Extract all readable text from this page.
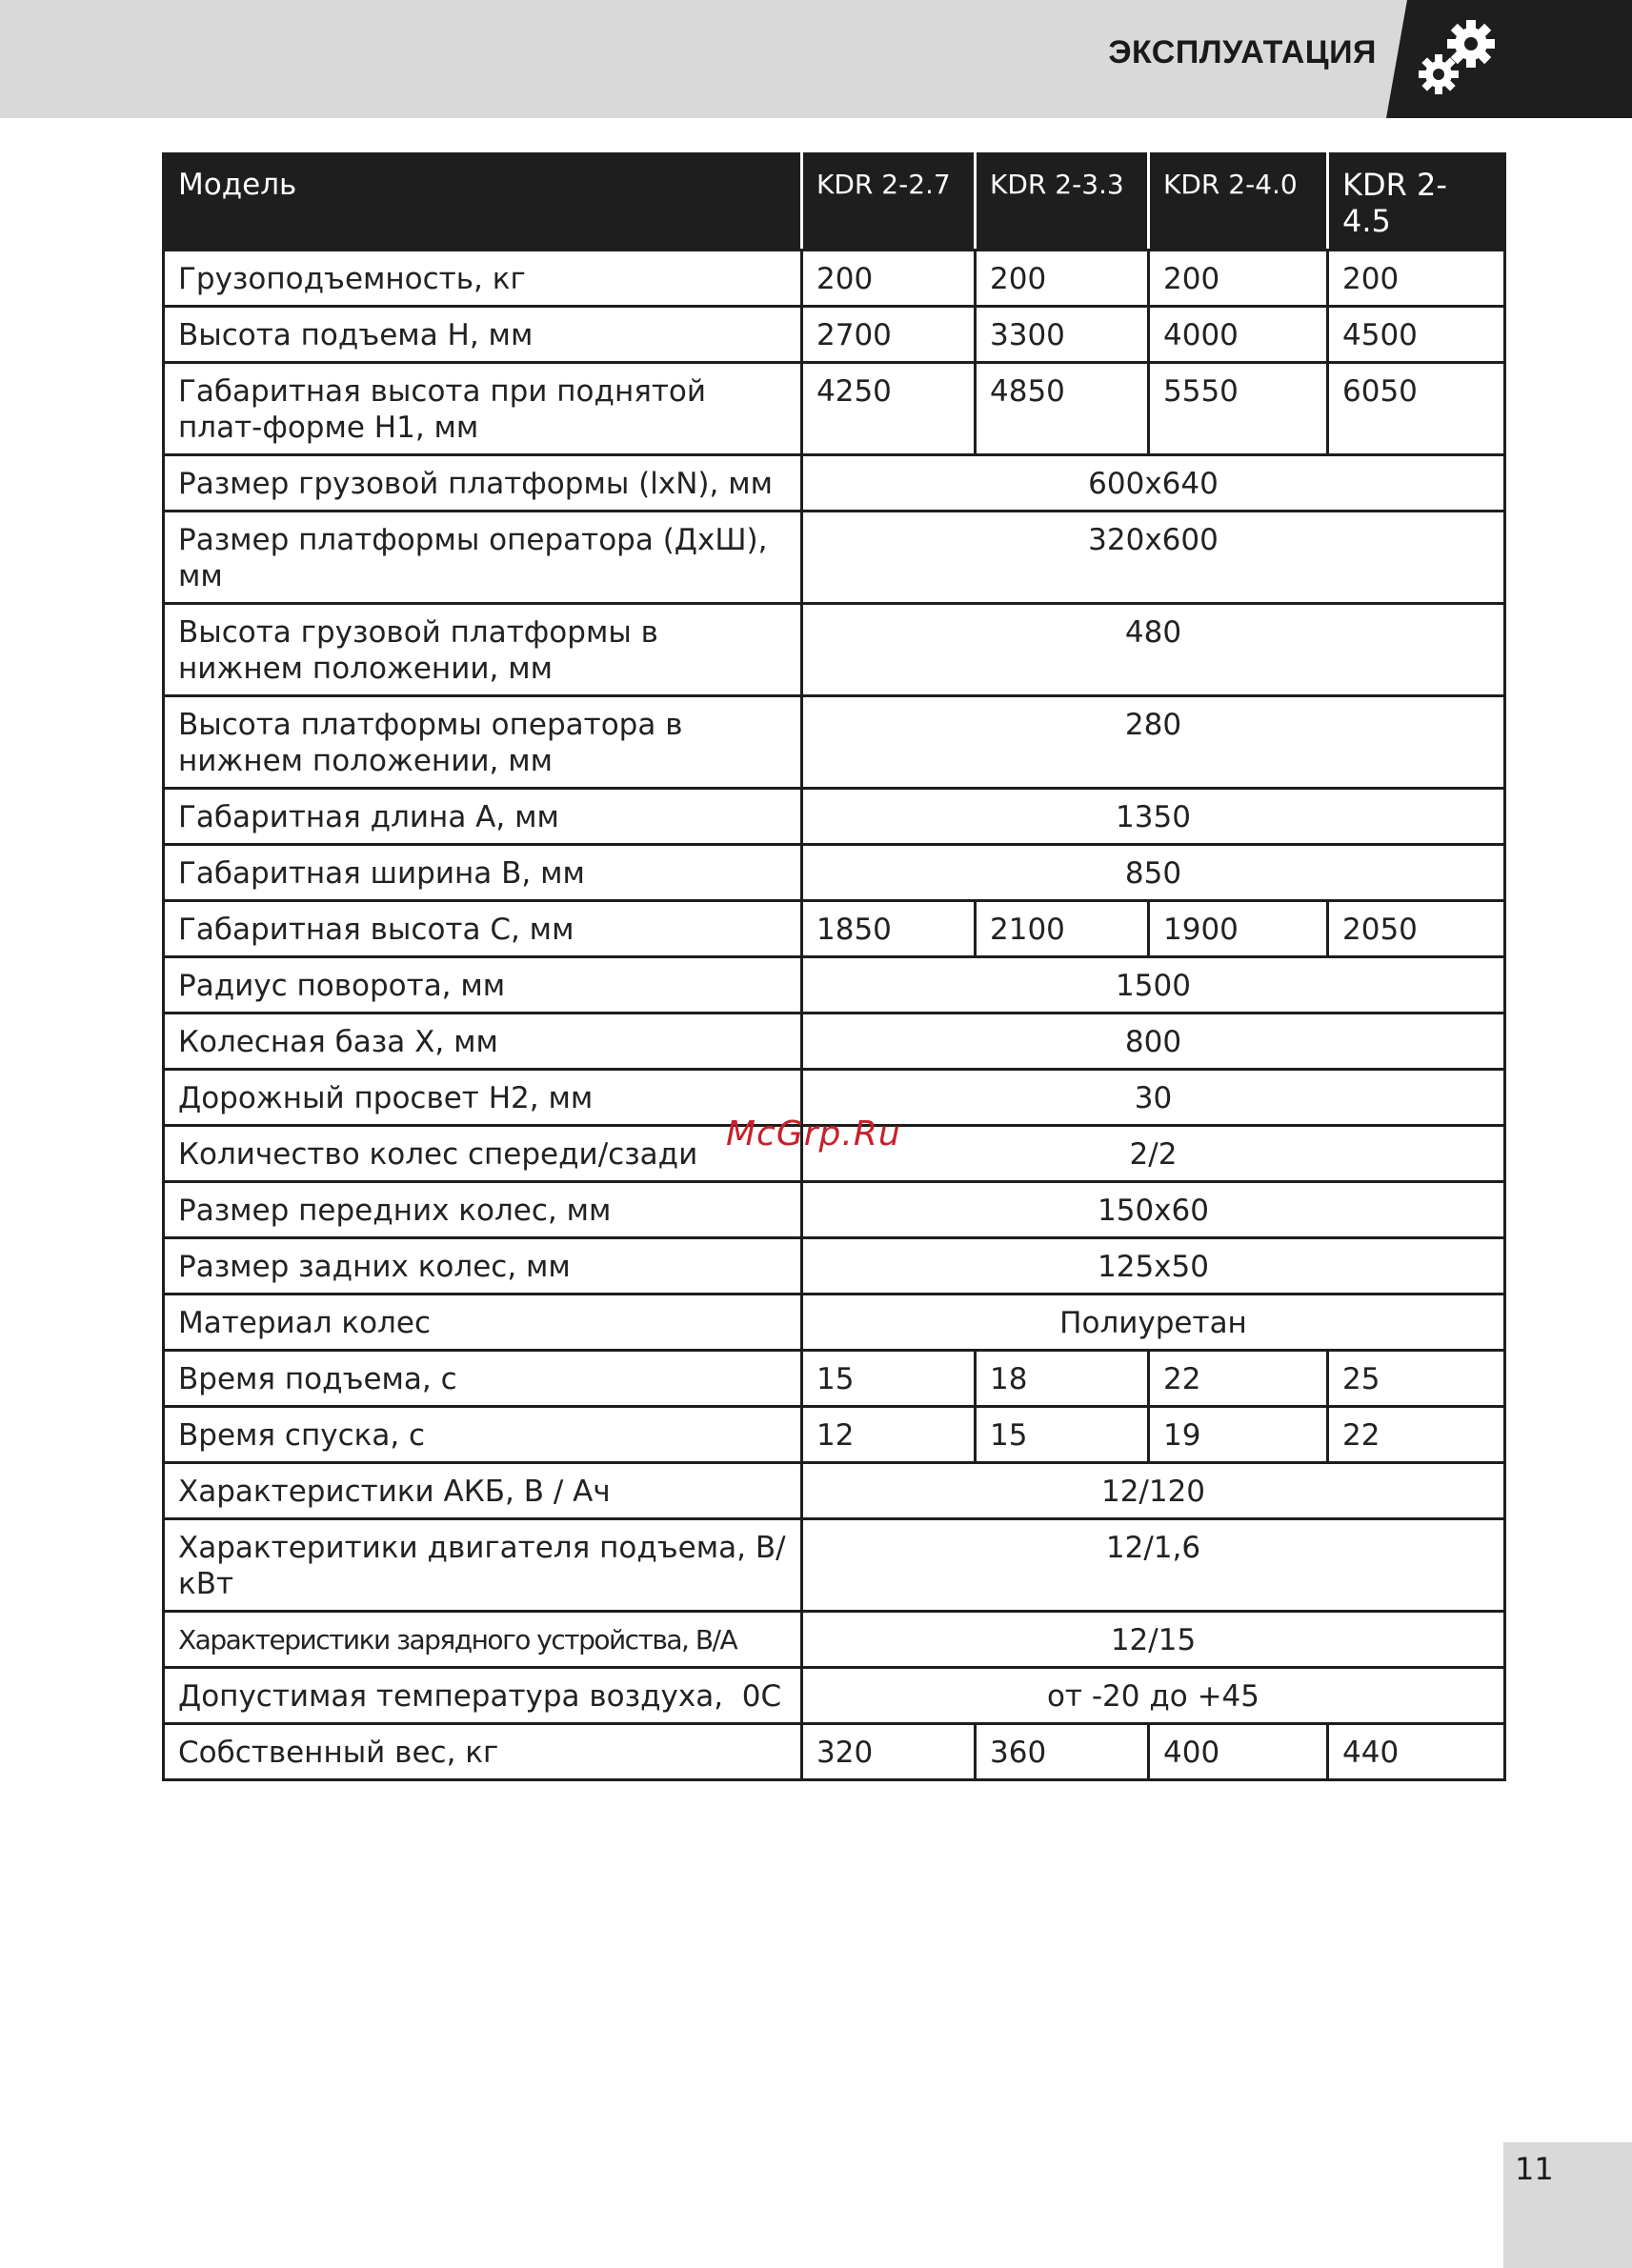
ЭКСПЛУАТАЦИЯ
Модель	KDR 2-2.7	KDR 2-3.3	KDR 2-4.0	KDR 2-4.5
Грузоподъемность, кг	200	200	200	200
Высота подъема Н, мм	2700	3300	4000	4500
Габаритная высота при поднятой плат-форме Н1, мм	4250	4850	5550	6050
Размер грузовой платформы (lxN), мм	600х640			
Размер платформы оператора (ДхШ), мм	320х600			
Высота грузовой платформы в нижнем положении, мм	480			
Высота платформы оператора в нижнем положении, мм	280			
Габаритная длина А, мм	1350			
Габаритная ширина В, мм	850			
Габаритная высота С, мм	1850	2100	1900	2050
Радиус поворота, мм	1500			
Колесная база Х, мм	800			
Дорожный просвет Н2, мм	30			
Количество колес спереди/сзади	2/2			
Размер передних колес, мм	150х60			
Размер задних колес, мм	125х50			
Материал колес	Полиуретан			
Время подъема, с	15	18	22	25
Время спуска, с	12	15	19	22
Характеристики АКБ, В / Ач	12/120			
Характеритики двигателя подъема, В/кВт	12/1,6			
Характеристики зарядного устройства, В/А	12/15			
Допустимая температура воздуха,  0С	от -20 до +45			
Собственный вес, кг	320	360	400	440
McGrp.Ru
11
